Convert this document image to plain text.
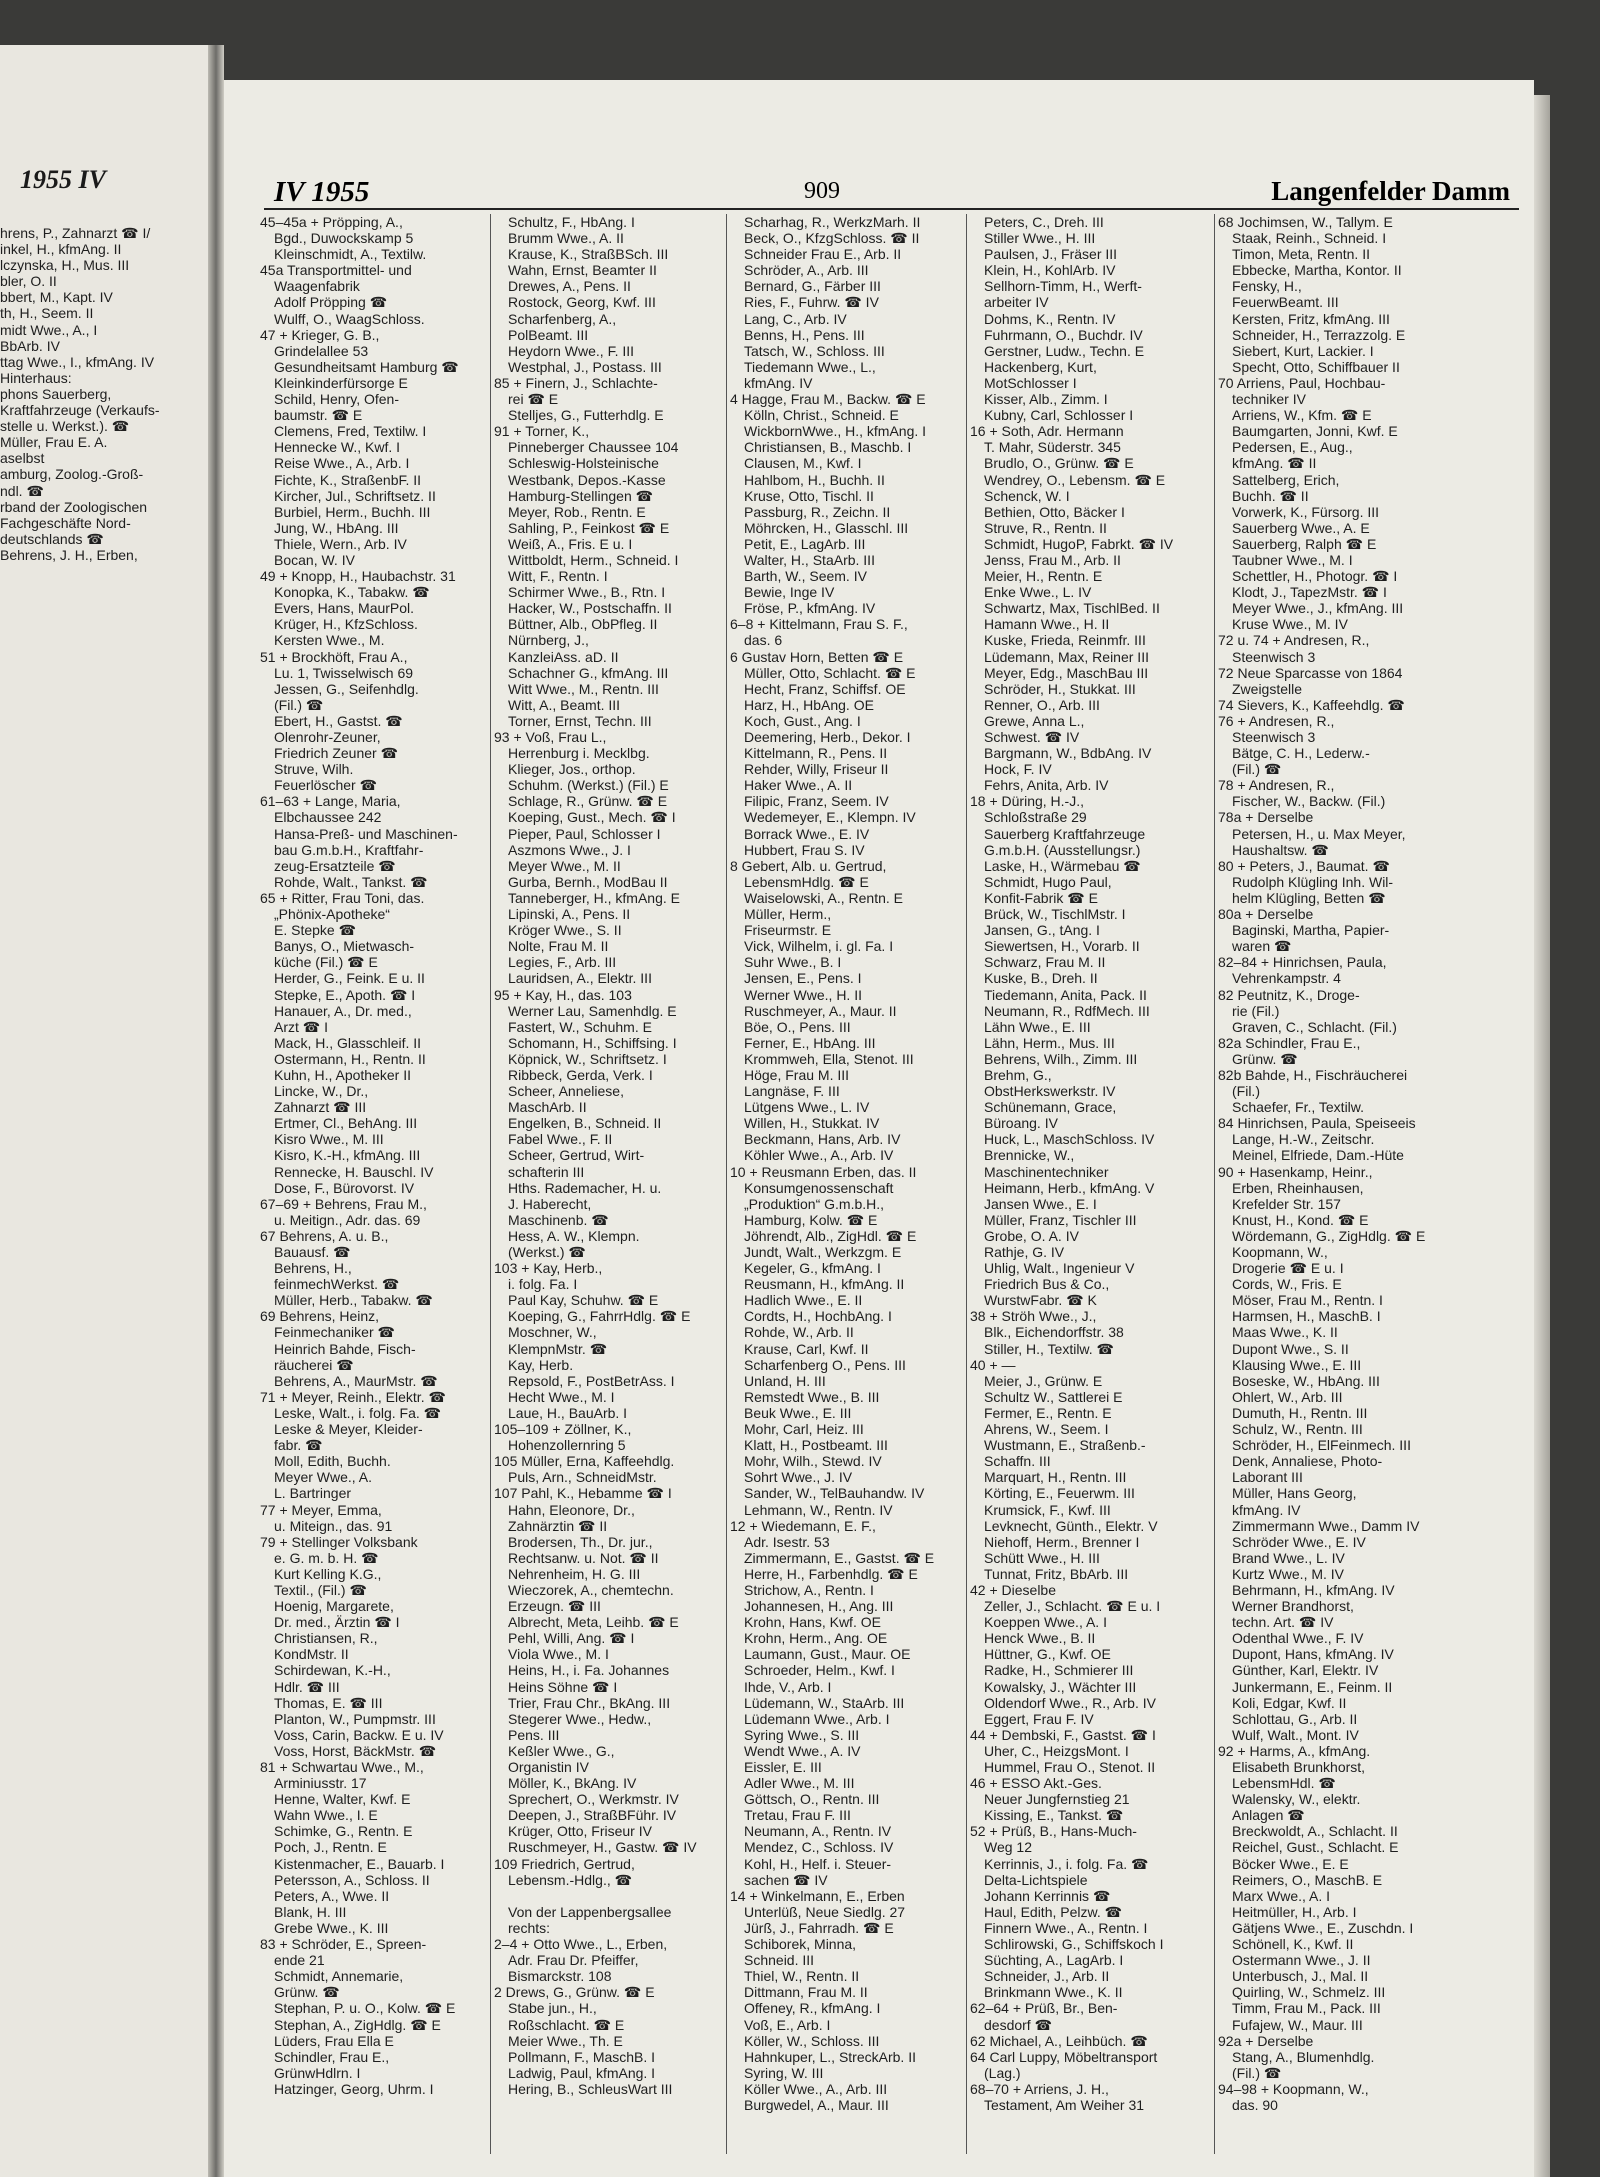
1955 IV
hrens, P., Zahnarzt ☎ I/
inkel, H., kfmAng. II
lczynska, H., Mus. III
bler, O. II
bbert, M., Kapt. IV
th, H., Seem. II
midt Wwe., A., I
BbArb. IV
ttag Wwe., I., kfmAng. IV
Hinterhaus:
phons Sauerberg,
Kraftfahrzeuge (Verkaufs-
stelle u. Werkst.). ☎
Müller, Frau E. A.
aselbst
amburg, Zoolog.-Groß-
ndl. ☎
rband der Zoologischen
Fachgeschäfte Nord-
deutschlands ☎
Behrens, J. H., Erben,
IV 1955	909	Langenfelder Damm
45–45a + Pröpping, A.,
Bgd., Duwockskamp 5
Kleinschmidt, A., Textilw.
45a Transportmittel- und
Waagenfabrik
Adolf Pröpping ☎
Wulff, O., WaagSchloss.
47 + Krieger, G. B.,
Grindelallee 53
Gesundheitsamt Hamburg ☎
Kleinkinderfürsorge E
Schild, Henry, Ofen-
baumstr. ☎ E
Clemens, Fred, Textilw. I
Hennecke W., Kwf. I
Reise Wwe., A., Arb. I
Fichte, K., StraßenbF. II
Kircher, Jul., Schriftsetz. II
Burbiel, Herm., Buchh. III
Jung, W., HbAng. III
Thiele, Wern., Arb. IV
Bocan, W. IV
49 + Knopp, H., Haubachstr. 31
Konopka, K., Tabakw. ☎
Evers, Hans, MaurPol.
Krüger, H., KfzSchloss.
Kersten Wwe., M.
51 + Brockhöft, Frau A.,
Lu. 1, Twisselwisch 69
Jessen, G., Seifenhdlg.
(Fil.) ☎
Ebert, H., Gastst. ☎
Olenrohr-Zeuner,
Friedrich Zeuner ☎
Struve, Wilh.
Feuerlöscher ☎
61–63 + Lange, Maria,
Elbchaussee 242
Hansa-Preß- und Maschinen-
bau G.m.b.H., Kraftfahr-
zeug-Ersatzteile ☎
Rohde, Walt., Tankst. ☎
65 + Ritter, Frau Toni, das.
„Phönix-Apotheke“
E. Stepke ☎
Banys, O., Mietwasch-
küche (Fil.) ☎ E
Herder, G., Feink. E u. II
Stepke, E., Apoth. ☎ I
Hanauer, A., Dr. med.,
Arzt ☎ I
Mack, H., Glasschleif. II
Ostermann, H., Rentn. II
Kuhn, H., Apotheker II
Lincke, W., Dr.,
Zahnarzt ☎ III
Ertmer, Cl., BehAng. III
Kisro Wwe., M. III
Kisro, K.-H., kfmAng. III
Rennecke, H. Bauschl. IV
Dose, F., Bürovorst. IV
67–69 + Behrens, Frau M.,
u. Meitign., Adr. das. 69
67 Behrens, A. u. B.,
Bauausf. ☎
Behrens, H.,
feinmechWerkst. ☎
Müller, Herb., Tabakw. ☎
69 Behrens, Heinz,
Feinmechaniker ☎
Heinrich Bahde, Fisch-
räucherei ☎
Behrens, A., MaurMstr. ☎
71 + Meyer, Reinh., Elektr. ☎
Leske, Walt., i. folg. Fa. ☎
Leske & Meyer, Kleider-
fabr. ☎
Moll, Edith, Buchh.
Meyer Wwe., A.
L. Bartringer
77 + Meyer, Emma,
u. Miteign., das. 91
79 + Stellinger Volksbank
e. G. m. b. H. ☎
Kurt Kelling K.G.,
Textil., (Fil.) ☎
Hoenig, Margarete,
Dr. med., Ärztin ☎ I
Christiansen, R.,
KondMstr. II
Schirdewan, K.-H.,
Hdlr. ☎ III
Thomas, E. ☎ III
Planton, W., Pumpmstr. III
Voss, Carin, Backw. E u. IV
Voss, Horst, BäckMstr. ☎
81 + Schwartau Wwe., M.,
Arminiusstr. 17
Henne, Walter, Kwf. E
Wahn Wwe., I. E
Schimke, G., Rentn. E
Poch, J., Rentn. E
Kistenmacher, E., Bauarb. I
Petersson, A., Schloss. II
Peters, A., Wwe. II
Blank, H. III
Grebe Wwe., K. III
83 + Schröder, E., Spreen-
ende 21
Schmidt, Annemarie,
Grünw. ☎
Stephan, P. u. O., Kolw. ☎ E
Stephan, A., ZigHdlg. ☎ E
Lüders, Frau Ella E
Schindler, Frau E.,
GrünwHdlrn. I
Hatzinger, Georg, Uhrm. I
Schultz, F., HbAng. I
Brumm Wwe., A. II
Krause, K., StraßBSch. III
Wahn, Ernst, Beamter II
Drewes, A., Pens. II
Rostock, Georg, Kwf. III
Scharfenberg, A.,
PolBeamt. III
Heydorn Wwe., F. III
Westphal, J., Postass. III
85 + Finern, J., Schlachte-
rei ☎ E
Stelljes, G., Futterhdlg. E
91 + Torner, K.,
Pinneberger Chaussee 104
Schleswig-Holsteinische
Westbank, Depos.-Kasse
Hamburg-Stellingen ☎
Meyer, Rob., Rentn. E
Sahling, P., Feinkost ☎ E
Weiß, A., Fris. E u. I
Wittboldt, Herm., Schneid. I
Witt, F., Rentn. I
Schirmer Wwe., B., Rtn. I
Hacker, W., Postschaffn. II
Büttner, Alb., ObPfleg. II
Nürnberg, J.,
KanzleiAss. aD. II
Schachner G., kfmAng. III
Witt Wwe., M., Rentn. III
Witt, A., Beamt. III
Torner, Ernst, Techn. III
93 + Voß, Frau L.,
Herrenburg i. Mecklbg.
Klieger, Jos., orthop.
Schuhm. (Werkst.) (Fil.) E
Schlage, R., Grünw. ☎ E
Koeping, Gust., Mech. ☎ I
Pieper, Paul, Schlosser I
Aszmons Wwe., J. I
Meyer Wwe., M. II
Gurba, Bernh., ModBau II
Tanneberger, H., kfmAng. E
Lipinski, A., Pens. II
Kröger Wwe., S. II
Nolte, Frau M. II
Legies, F., Arb. III
Lauridsen, A., Elektr. III
95 + Kay, H., das. 103
Werner Lau, Samenhdlg. E
Fastert, W., Schuhm. E
Schomann, H., Schiffsing. I
Köpnick, W., Schriftsetz. I
Ribbeck, Gerda, Verk. I
Scheer, Anneliese,
MaschArb. II
Engelken, B., Schneid. II
Fabel Wwe., F. II
Scheer, Gertrud, Wirt-
schafterin III
Hths. Rademacher, H. u.
J. Haberecht,
Maschinenb. ☎
Hess, A. W., Klempn.
(Werkst.) ☎
103 + Kay, Herb.,
i. folg. Fa. I
Paul Kay, Schuhw. ☎ E
Koeping, G., FahrrHdlg. ☎ E
Moschner, W.,
KlempnMstr. ☎
Kay, Herb.
Repsold, F., PostBetrAss. I
Hecht Wwe., M. I
Laue, H., BauArb. I
105–109 + Zöllner, K.,
Hohenzollernring 5
105 Müller, Erna, Kaffeehdlg.
Puls, Arn., SchneidMstr.
107 Pahl, K., Hebamme ☎ I
Hahn, Eleonore, Dr.,
Zahnärztin ☎ II
Brodersen, Th., Dr. jur.,
Rechtsanw. u. Not. ☎ II
Nehrenheim, H. G. III
Wieczorek, A., chemtechn.
Erzeugn. ☎ III
Albrecht, Meta, Leihb. ☎ E
Pehl, Willi, Ang. ☎ I
Viola Wwe., M. I
Heins, H., i. Fa. Johannes
Heins Söhne ☎ I
Trier, Frau Chr., BkAng. III
Stegerer Wwe., Hedw.,
Pens. III
Keßler Wwe., G.,
Organistin IV
Möller, K., BkAng. IV
Sprechert, O., Werkmstr. IV
Deepen, J., StraßBFühr. IV
Krüger, Otto, Friseur IV
Ruschmeyer, H., Gastw. ☎ IV
109 Friedrich, Gertrud,
Lebensm.-Hdlg., ☎
Von der Lappenbergsallee
rechts:
2–4 + Otto Wwe., L., Erben,
Adr. Frau Dr. Pfeiffer,
Bismarckstr. 108
2 Drews, G., Grünw. ☎ E
Stabe jun., H.,
Roßschlacht. ☎ E
Meier Wwe., Th. E
Pollmann, F., MaschB. I
Ladwig, Paul, kfmAng. I
Hering, B., SchleusWart III
Scharhag, R., WerkzMarh. II
Beck, O., KfzgSchloss. ☎ II
Schneider Frau E., Arb. II
Schröder, A., Arb. III
Bernard, G., Färber III
Ries, F., Fuhrw. ☎ IV
Lang, C., Arb. IV
Benns, H., Pens. III
Tatsch, W., Schloss. III
Tiedemann Wwe., L.,
kfmAng. IV
4 Hagge, Frau M., Backw. ☎ E
Kölln, Christ., Schneid. E
WickbornWwe., H., kfmAng. I
Christiansen, B., Maschb. I
Clausen, M., Kwf. I
Hahlbom, H., Buchh. II
Kruse, Otto, Tischl. II
Passburg, R., Zeichn. II
Möhrcken, H., Glasschl. III
Petit, E., LagArb. III
Walter, H., StaArb. III
Barth, W., Seem. IV
Bewie, Inge IV
Fröse, P., kfmAng. IV
6–8 + Kittelmann, Frau S. F.,
das. 6
6 Gustav Horn, Betten ☎ E
Müller, Otto, Schlacht. ☎ E
Hecht, Franz, Schiffsf. OE
Harz, H., HbAng. OE
Koch, Gust., Ang. I
Deemering, Herb., Dekor. I
Kittelmann, R., Pens. II
Rehder, Willy, Friseur II
Haker Wwe., A. II
Filipic, Franz, Seem. IV
Wedemeyer, E., Klempn. IV
Borrack Wwe., E. IV
Hubbert, Frau S. IV
8 Gebert, Alb. u. Gertrud,
LebensmHdlg. ☎ E
Waiselowski, A., Rentn. E
Müller, Herm.,
Friseurmstr. E
Vick, Wilhelm, i. gl. Fa. I
Suhr Wwe., B. I
Jensen, E., Pens. I
Werner Wwe., H. II
Ruschmeyer, A., Maur. II
Böe, O., Pens. III
Ferner, E., HbAng. III
Krommweh, Ella, Stenot. III
Höge, Frau M. III
Langnäse, F. III
Lütgens Wwe., L. IV
Willen, H., Stukkat. IV
Beckmann, Hans, Arb. IV
Köhler Wwe., A., Arb. IV
10 + Reusmann Erben, das. II
Konsumgenossenschaft
„Produktion“ G.m.b.H.,
Hamburg, Kolw. ☎ E
Jöhrendt, Alb., ZigHdl. ☎ E
Jundt, Walt., Werkzgm. E
Kegeler, G., kfmAng. I
Reusmann, H., kfmAng. II
Hadlich Wwe., E. II
Cordts, H., HochbAng. I
Rohde, W., Arb. II
Krause, Carl, Kwf. II
Scharfenberg O., Pens. III
Unland, H. III
Remstedt Wwe., B. III
Beuk Wwe., E. III
Mohr, Carl, Heiz. III
Klatt, H., Postbeamt. III
Mohr, Wilh., Stewd. IV
Sohrt Wwe., J. IV
Sander, W., TelBauhandw. IV
Lehmann, W., Rentn. IV
12 + Wiedemann, E. F.,
Adr. Isestr. 53
Zimmermann, E., Gastst. ☎ E
Herre, H., Farbenhdlg. ☎ E
Strichow, A., Rentn. I
Johannesen, H., Ang. III
Krohn, Hans, Kwf. OE
Krohn, Herm., Ang. OE
Laumann, Gust., Maur. OE
Schroeder, Helm., Kwf. I
Ihde, V., Arb. I
Lüdemann, W., StaArb. III
Lüdemann Wwe., Arb. I
Syring Wwe., S. III
Wendt Wwe., A. IV
Eissler, E. III
Adler Wwe., M. III
Göttsch, O., Rentn. III
Tretau, Frau F. III
Neumann, A., Rentn. IV
Mendez, C., Schloss. IV
Kohl, H., Helf. i. Steuer-
sachen ☎ IV
14 + Winkelmann, E., Erben
Unterlüß, Neue Siedlg. 27
Jürß, J., Fahrradh. ☎ E
Schiborek, Minna,
Schneid. III
Thiel, W., Rentn. II
Dittmann, Frau M. II
Offeney, R., kfmAng. I
Voß, E., Arb. I
Köller, W., Schloss. III
Hahnkuper, L., StreckArb. II
Syring, W. III
Köller Wwe., A., Arb. III
Burgwedel, A., Maur. III
Peters, C., Dreh. III
Stiller Wwe., H. III
Paulsen, J., Fräser III
Klein, H., KohlArb. IV
Sellhorn-Timm, H., Werft-
arbeiter IV
Dohms, K., Rentn. IV
Fuhrmann, O., Buchdr. IV
Gerstner, Ludw., Techn. E
Hackenberg, Kurt,
MotSchlosser I
Kisser, Alb., Zimm. I
Kubny, Carl, Schlosser I
16 + Soth, Adr. Hermann
T. Mahr, Süderstr. 345
Brudlo, O., Grünw. ☎ E
Wendrey, O., Lebensm. ☎ E
Schenck, W. I
Bethien, Otto, Bäcker I
Struve, R., Rentn. II
Schmidt, HugoP, Fabrkt. ☎ IV
Jenss, Frau M., Arb. II
Meier, H., Rentn. E
Enke Wwe., L. IV
Schwartz, Max, TischlBed. II
Hamann Wwe., H. II
Kuske, Frieda, Reinmfr. III
Lüdemann, Max, Reiner III
Meyer, Edg., MaschBau III
Schröder, H., Stukkat. III
Renner, O., Arb. III
Grewe, Anna L.,
Schwest. ☎ IV
Bargmann, W., BdbAng. IV
Hock, F. IV
Fehrs, Anita, Arb. IV
18 + Düring, H.-J.,
Schloßstraße 29
Sauerberg Kraftfahrzeuge
G.m.b.H. (Ausstellungsr.)
Laske, H., Wärmebau ☎
Schmidt, Hugo Paul,
Konfit-Fabrik ☎ E
Brück, W., TischlMstr. I
Jansen, G., tAng. I
Siewertsen, H., Vorarb. II
Schwarz, Frau M. II
Kuske, B., Dreh. II
Tiedemann, Anita, Pack. II
Neumann, R., RdfMech. III
Lähn Wwe., E. III
Lähn, Herm., Mus. III
Behrens, Wilh., Zimm. III
Brehm, G.,
ObstHerkswerkstr. IV
Schünemann, Grace,
Büroang. IV
Huck, L., MaschSchloss. IV
Brennicke, W.,
Maschinentechniker
Heimann, Herb., kfmAng. V
Jansen Wwe., E. I
Müller, Franz, Tischler III
Grobe, O. A. IV
Rathje, G. IV
Uhlig, Walt., Ingenieur V
Friedrich Bus & Co.,
WurstwFabr. ☎ K
38 + Ströh Wwe., J.,
Blk., Eichendorffstr. 38
Stiller, H., Textilw. ☎
40 + —
Meier, J., Grünw. E
Schultz W., Sattlerei E
Fermer, E., Rentn. E
Ahrens, W., Seem. I
Wustmann, E., Straßenb.-
Schaffn. III
Marquart, H., Rentn. III
Körting, E., Feuerwm. III
Krumsick, F., Kwf. III
Levknecht, Günth., Elektr. V
Niehoff, Herm., Brenner I
Schütt Wwe., H. III
Tunnat, Fritz, BbArb. III
42 + Dieselbe
Zeller, J., Schlacht. ☎ E u. I
Koeppen Wwe., A. I
Henck Wwe., B. II
Hüttner, G., Kwf. OE
Radke, H., Schmierer III
Kowalsky, J., Wächter III
Oldendorf Wwe., R., Arb. IV
Eggert, Frau F. IV
44 + Dembski, F., Gastst. ☎ I
Uher, C., HeizgsMont. I
Hummel, Frau O., Stenot. II
46 + ESSO Akt.-Ges.
Neuer Jungfernstieg 21
Kissing, E., Tankst. ☎
52 + Prüß, B., Hans-Much-
Weg 12
Kerrinnis, J., i. folg. Fa. ☎
Delta-Lichtspiele
Johann Kerrinnis ☎
Haul, Edith, Pelzw. ☎
Finnern Wwe., A., Rentn. I
Schlirowski, G., Schiffskoch I
Süchting, A., LagArb. I
Schneider, J., Arb. II
Brinkmann Wwe., K. II
62–64 + Prüß, Br., Ben-
desdorf ☎
62 Michael, A., Leihbüch. ☎
64 Carl Luppy, Möbeltransport
(Lag.)
68–70 + Arriens, J. H.,
Testament, Am Weiher 31
68 Jochimsen, W., Tallym. E
Staak, Reinh., Schneid. I
Timon, Meta, Rentn. II
Ebbecke, Martha, Kontor. II
Fensky, H.,
FeuerwBeamt. III
Kersten, Fritz, kfmAng. III
Schneider, H., Terrazzolg. E
Siebert, Kurt, Lackier. I
Specht, Otto, Schiffbauer II
70 Arriens, Paul, Hochbau-
techniker IV
Arriens, W., Kfm. ☎ E
Baumgarten, Jonni, Kwf. E
Pedersen, E., Aug.,
kfmAng. ☎ II
Sattelberg, Erich,
Buchh. ☎ II
Vorwerk, K., Fürsorg. III
Sauerberg Wwe., A. E
Sauerberg, Ralph ☎ E
Taubner Wwe., M. I
Schettler, H., Photogr. ☎ I
Klodt, J., TapezMstr. ☎ I
Meyer Wwe., J., kfmAng. III
Kruse Wwe., M. IV
72 u. 74 + Andresen, R.,
Steenwisch 3
72 Neue Sparcasse von 1864
Zweigstelle
74 Sievers, K., Kaffeehdlg. ☎
76 + Andresen, R.,
Steenwisch 3
Bätge, C. H., Lederw.-
(Fil.) ☎
78 + Andresen, R.,
Fischer, W., Backw. (Fil.)
78a + Derselbe
Petersen, H., u. Max Meyer,
Haushaltsw. ☎
80 + Peters, J., Baumat. ☎
Rudolph Klügling Inh. Wil-
helm Klügling, Betten ☎
80a + Derselbe
Baginski, Martha, Papier-
waren ☎
82–84 + Hinrichsen, Paula,
Vehrenkampstr. 4
82 Peutnitz, K., Droge-
rie (Fil.)
Graven, C., Schlacht. (Fil.)
82a Schindler, Frau E.,
Grünw. ☎
82b Bahde, H., Fischräucherei
(Fil.)
Schaefer, Fr., Textilw.
84 Hinrichsen, Paula, Speiseeis
Lange, H.-W., Zeitschr.
Meinel, Elfriede, Dam.-Hüte
90 + Hasenkamp, Heinr.,
Erben, Rheinhausen,
Krefelder Str. 157
Knust, H., Kond. ☎ E
Wördemann, G., ZigHdlg. ☎ E
Koopmann, W.,
Drogerie ☎ E u. I
Cords, W., Fris. E
Möser, Frau M., Rentn. I
Harmsen, H., MaschB. I
Maas Wwe., K. II
Dupont Wwe., S. II
Klausing Wwe., E. III
Boseske, W., HbAng. III
Ohlert, W., Arb. III
Dumuth, H., Rentn. III
Schulz, W., Rentn. III
Schröder, H., ElFeinmech. III
Denk, Annaliese, Photo-
Laborant III
Müller, Hans Georg,
kfmAng. IV
Zimmermann Wwe., Damm IV
Schröder Wwe., E. IV
Brand Wwe., L. IV
Kurtz Wwe., M. IV
Behrmann, H., kfmAng. IV
Werner Brandhorst,
techn. Art. ☎ IV
Odenthal Wwe., F. IV
Dupont, Hans, kfmAng. IV
Günther, Karl, Elektr. IV
Junkermann, E., Feinm. II
Koli, Edgar, Kwf. II
Schlottau, G., Arb. II
Wulf, Walt., Mont. IV
92 + Harms, A., kfmAng.
Elisabeth Brunkhorst,
LebensmHdl. ☎
Walensky, W., elektr.
Anlagen ☎
Breckwoldt, A., Schlacht. II
Reichel, Gust., Schlacht. E
Böcker Wwe., E. E
Reimers, O., MaschB. E
Marx Wwe., A. I
Heitmüller, H., Arb. I
Gätjens Wwe., E., Zuschdn. I
Schönell, K., Kwf. II
Ostermann Wwe., J. II
Unterbusch, J., Mal. II
Quirling, W., Schmelz. III
Timm, Frau M., Pack. III
Fufajew, W., Maur. III
92a + Derselbe
Stang, A., Blumenhdlg.
(Fil.) ☎
94–98 + Koopmann, W.,
das. 90
